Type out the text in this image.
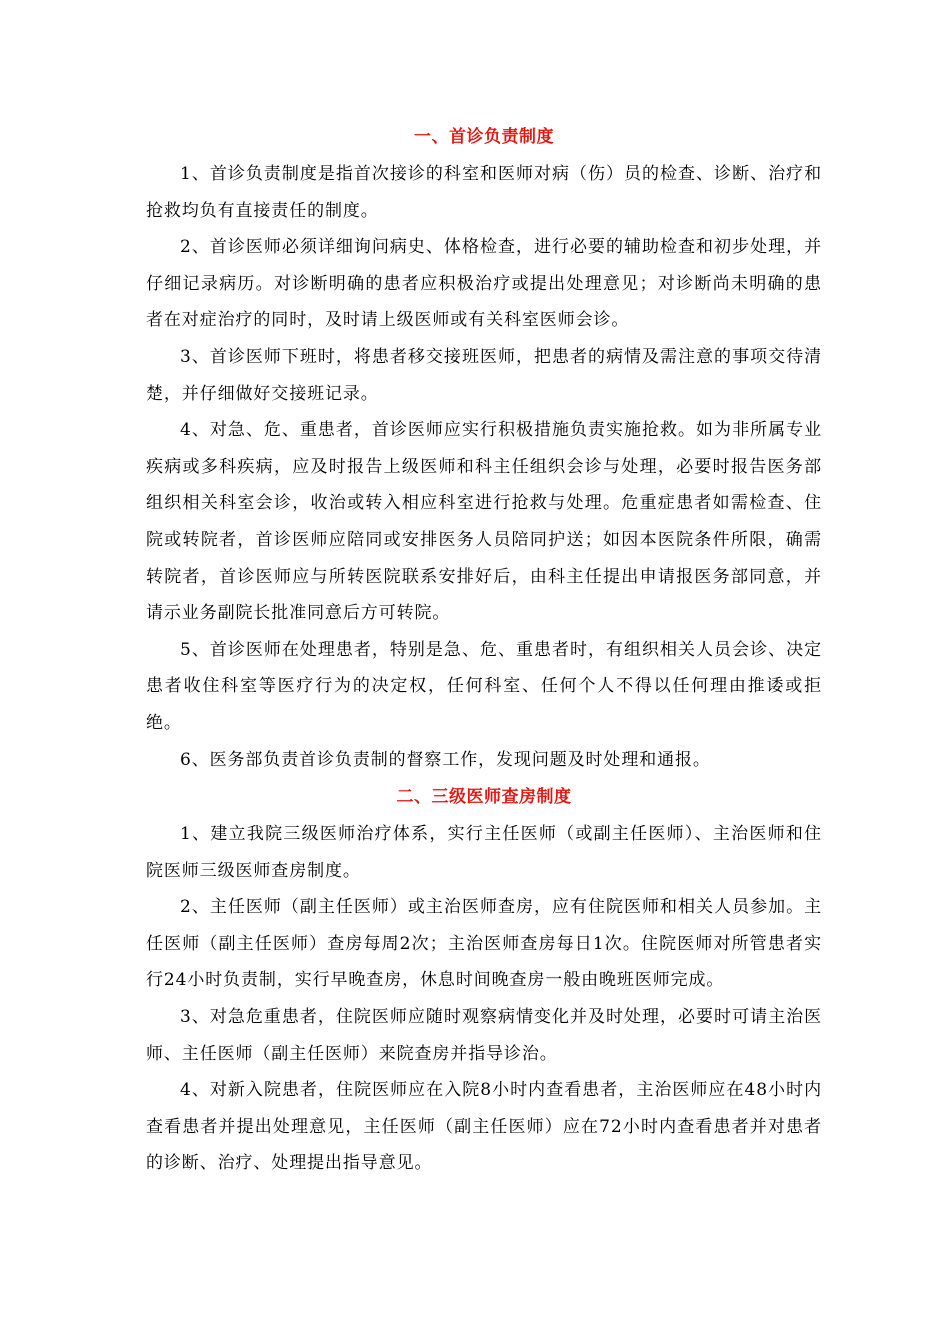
一、首诊负责制度

1、首诊负责制度是指首次接诊的科室和医师对病（伤）员的检查、诊断、治疗和抢救均负有直接责任的制度。

2、首诊医师必须详细询问病史、体格检查，进行必要的辅助检查和初步处理，并仔细记录病历。对诊断明确的患者应积极治疗或提出处理意见；对诊断尚未明确的患者在对症治疗的同时，及时请上级医师或有关科室医师会诊。

3、首诊医师下班时，将患者移交接班医师，把患者的病情及需注意的事项交待清楚，并仔细做好交接班记录。

4、对急、危、重患者，首诊医师应实行积极措施负责实施抢救。如为非所属专业疾病或多科疾病，应及时报告上级医师和科主任组织会诊与处理，必要时报告医务部组织相关科室会诊，收治或转入相应科室进行抢救与处理。危重症患者如需检查、住院或转院者，首诊医师应陪同或安排医务人员陪同护送；如因本医院条件所限，确需转院者，首诊医师应与所转医院联系安排好后，由科主任提出申请报医务部同意，并请示业务副院长批准同意后方可转院。

5、首诊医师在处理患者，特别是急、危、重患者时，有组织相关人员会诊、决定患者收住科室等医疗行为的决定权，任何科室、任何个人不得以任何理由推诿或拒绝。

6、医务部负责首诊负责制的督察工作，发现问题及时处理和通报。

二、三级医师查房制度

1、建立我院三级医师治疗体系，实行主任医师（或副主任医师）、主治医师和住院医师三级医师查房制度。

2、主任医师（副主任医师）或主治医师查房，应有住院医师和相关人员参加。主任医师（副主任医师）查房每周2次；主治医师查房每日1次。住院医师对所管患者实行24小时负责制，实行早晚查房，休息时间晚查房一般由晚班医师完成。

3、对急危重患者，住院医师应随时观察病情变化并及时处理，必要时可请主治医师、主任医师（副主任医师）来院查房并指导诊治。

4、对新入院患者，住院医师应在入院8小时内查看患者，主治医师应在48小时内查看患者并提出处理意见，主任医师（副主任医师）应在72小时内查看患者并对患者的诊断、治疗、处理提出指导意见。
